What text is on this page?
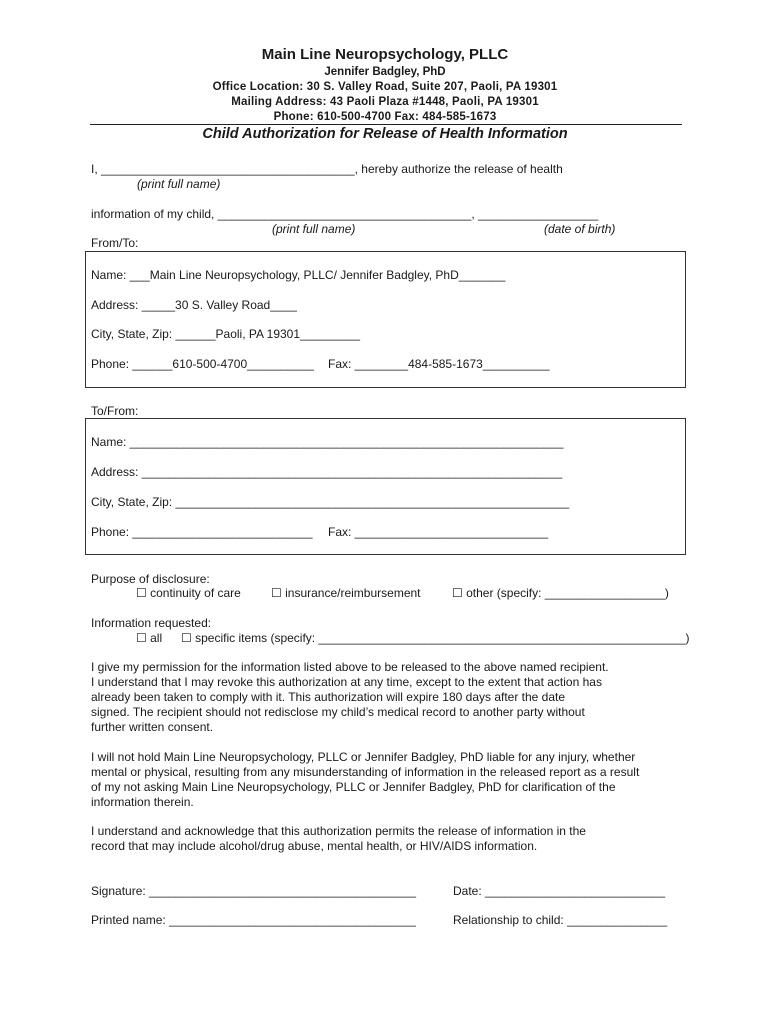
Main Line Neuropsychology, PLLC
Jennifer Badgley, PhD
Office Location: 30 S. Valley Road, Suite 207, Paoli, PA 19301
Mailing Address: 43 Paoli Plaza #1448, Paoli, PA 19301
Phone: 610-500-4700 Fax: 484-585-1673
Child Authorization for Release of Health Information
I, ______________________________________, hereby authorize the release of health
(print full name)
information of my child, ______________________________________, __________________
(print full name)	(date of birth)
From/To:
Name: ___Main Line Neuropsychology, PLLC/ Jennifer Badgley, PhD_______
Address: _____30 S. Valley Road____
City, State, Zip: ______Paoli, PA 19301_________
Phone: ______610-500-4700__________ Fax: ________484-585-1673__________
To/From:
Name: _________________________________________________________________
Address: _______________________________________________________________
City, State, Zip: ___________________________________________________________
Phone: ___________________________ Fax: _____________________________
Purpose of disclosure:
☐ continuity of care	☐ insurance/reimbursement	☐ other (specify: __________________)
Information requested:
☐ all ☐ specific items (specify: _______________________________________________________)
I give my permission for the information listed above to be released to the above named recipient.
I understand that I may revoke this authorization at any time, except to the extent that action has
already been taken to comply with it. This authorization will expire 180 days after the date
signed. The recipient should not redisclose my child’s medical record to another party without
further written consent.
I will not hold Main Line Neuropsychology, PLLC or Jennifer Badgley, PhD liable for any injury, whether
mental or physical, resulting from any misunderstanding of information in the released report as a result
of my not asking Main Line Neuropsychology, PLLC or Jennifer Badgley, PhD for clarification of the
information therein.
I understand and acknowledge that this authorization permits the release of information in the
record that may include alcohol/drug abuse, mental health, or HIV/AIDS information.
Signature: ________________________________________	Date: ___________________________
Printed name: _____________________________________	Relationship to child: _______________
